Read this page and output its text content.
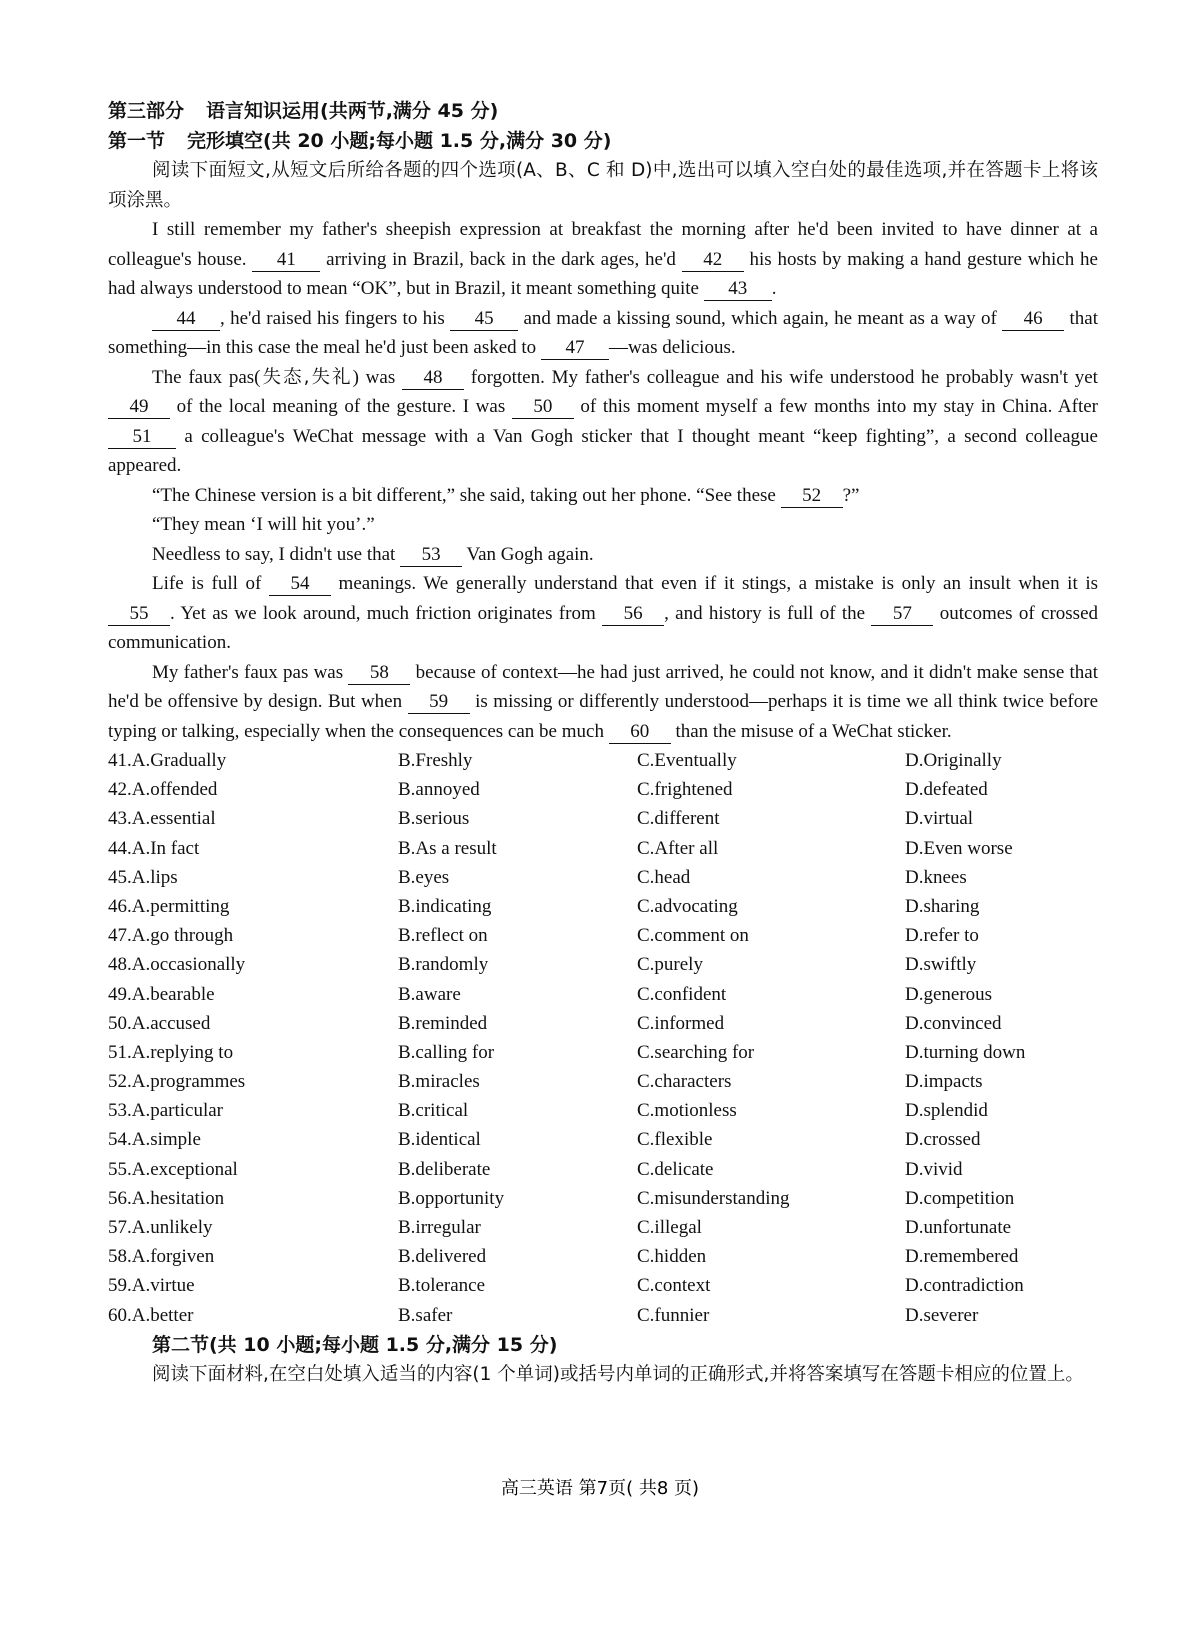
第三部分 语言知识运用(共两节,满分 45 分)
第一节 完形填空(共 20 小题;每小题 1.5 分,满分 30 分)

阅读下面短文,从短文后所给各题的四个选项(A、B、C 和 D)中,选出可以填入空白处的最佳选项,并在答题卡上将该项涂黑。

I still remember my father's sheepish expression at breakfast the morning after he'd been invited to have dinner at a colleague's house. 41 arriving in Brazil, back in the dark ages, he'd 42 his hosts by making a hand gesture which he had always understood to mean “OK”, but in Brazil, it meant something quite 43 .

44 , he'd raised his fingers to his 45 and made a kissing sound, which again, he meant as a way of 46 that something—in this case the meal he'd just been asked to 47 —was delicious.

The faux pas(失态,失礼) was 48 forgotten. My father's colleague and his wife understood he probably wasn't yet 49 of the local meaning of the gesture. I was 50 of this moment myself a few months into my stay in China. After 51 a colleague's WeChat message with a Van Gogh sticker that I thought meant “keep fighting”, a second colleague appeared.

“The Chinese version is a bit different,” she said, taking out her phone. “See these 52 ?”

“They mean ‘I will hit you’.”

Needless to say, I didn't use that 53 Van Gogh again.

Life is full of 54 meanings. We generally understand that even if it stings, a mistake is only an insult when it is 55 . Yet as we look around, much friction originates from 56 , and history is full of the 57 outcomes of crossed communication.

My father's faux pas was 58 because of context—he had just arrived, he could not know, and it didn't make sense that he'd be offensive by design. But when 59 is missing or differently understood—perhaps it is time we all think twice before typing or talking, especially when the consequences can be much 60 than the misuse of a WeChat sticker.

41.A.Gradually	B.Freshly	C.Eventually	D.Originally
42.A.offended	B.annoyed	C.frightened	D.defeated
43.A.essential	B.serious	C.different	D.virtual
44.A.In fact	B.As a result	C.After all	D.Even worse
45.A.lips	B.eyes	C.head	D.knees
46.A.permitting	B.indicating	C.advocating	D.sharing
47.A.go through	B.reflect on	C.comment on	D.refer to
48.A.occasionally	B.randomly	C.purely	D.swiftly
49.A.bearable	B.aware	C.confident	D.generous
50.A.accused	B.reminded	C.informed	D.convinced
51.A.replying to	B.calling for	C.searching for	D.turning down
52.A.programmes	B.miracles	C.characters	D.impacts
53.A.particular	B.critical	C.motionless	D.splendid
54.A.simple	B.identical	C.flexible	D.crossed
55.A.exceptional	B.deliberate	C.delicate	D.vivid
56.A.hesitation	B.opportunity	C.misunderstanding	D.competition
57.A.unlikely	B.irregular	C.illegal	D.unfortunate
58.A.forgiven	B.delivered	C.hidden	D.remembered
59.A.virtue	B.tolerance	C.context	D.contradiction
60.A.better	B.safer	C.funnier	D.severer
第二节(共 10 小题;每小题 1.5 分,满分 15 分)

阅读下面材料,在空白处填入适当的内容(1 个单词)或括号内单词的正确形式,并将答案填写在答题卡相应的位置上。

高三英语 第7页( 共8 页)
